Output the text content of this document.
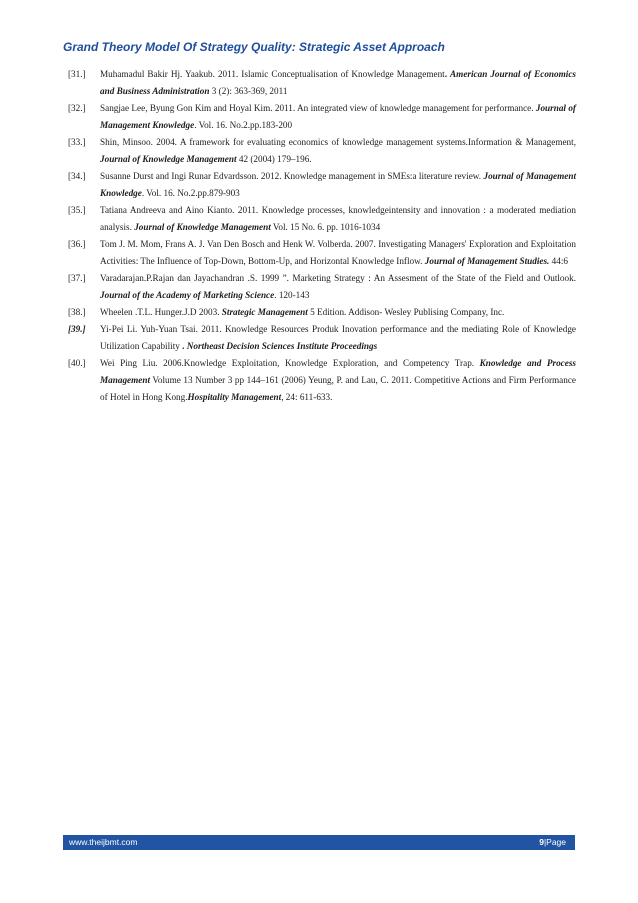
Grand Theory Model Of Strategy Quality: Strategic Asset Approach
[31.]	Muhamadul Bakir Hj. Yaakub. 2011. Islamic Conceptualisation of Knowledge Management. American Journal of Economics and Business Administration 3 (2): 363-369, 2011
[32.]	Sangjae Lee, Byung Gon Kim and Hoyal Kim. 2011. An integrated view of knowledge management for performance. Journal of Management Knowledge. Vol. 16. No.2.pp.183-200
[33.]	Shin, Minsoo. 2004. A framework for evaluating economics of knowledge management systems.Information & Management, Journal of Knowledge Management 42 (2004) 179–196.
[34.]	Susanne Durst and Ingi Runar Edvardsson. 2012. Knowledge management in SMEs:a literature review. Journal of Management Knowledge. Vol. 16. No.2.pp.879-903
[35.]	Tatiana Andreeva and Aino Kianto. 2011. Knowledge processes, knowledgeintensity and innovation : a moderated mediation analysis. Journal of Knowledge Management Vol. 15 No. 6. pp. 1016-1034
[36.]	Tom J. M. Mom, Frans A. J. Van Den Bosch and Henk W. Volberda. 2007. Investigating Managers' Exploration and Exploitation Activities: The Influence of Top-Down, Bottom-Up, and Horizontal Knowledge Inflow. Journal of Management Studies. 44:6
[37.]	Varadarajan.P.Rajan dan Jayachandran .S. 1999 ”. Marketing Strategy : An Assesment of the State of the Field and Outlook. Journal of the Academy of Marketing Science. 120-143
[38.]	Wheelen .T.L. Hunger.J.D 2003. Strategic Management 5 Edition. Addison- Wesley Publising Company, Inc.
[39.]	Yi-Pei Li. Yuh-Yuan Tsai. 2011. Knowledge Resources Produk Inovation performance and the mediating Role of Knowledge Utilization Capability . Northeast Decision Sciences Institute Proceedings
[40.]	Wei Ping Liu. 2006.Knowledge Exploitation, Knowledge Exploration, and Competency Trap. Knowledge and Process Management Volume 13 Number 3 pp 144–161 (2006) Yeung, P. and Lau, C. 2011. Competitive Actions and Firm Performance of Hotel in Hong Kong.Hospitality Management, 24: 611-633.
www.theijbmt.com	9|Page
